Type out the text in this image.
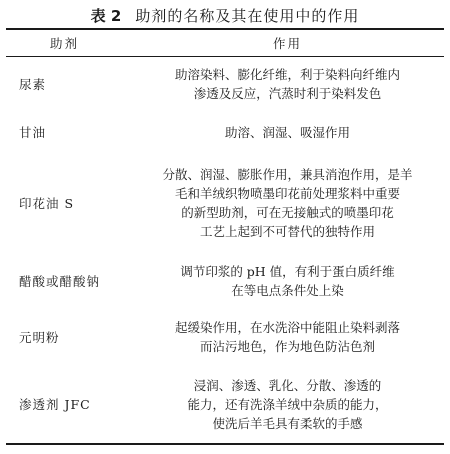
表 2 助剂的名称及其在使用中的作用
助剂	作用
尿素	助溶染料、膨化纤维，利于染料向纤维内
渗透及反应，汽蒸时利于染料发色

甘油	助溶、润湿、吸湿作用

印花油 S	分散、润湿、膨胀作用，兼具消泡作用，是羊
毛和羊绒织物喷墨印花前处理浆料中重要
的新型助剂，可在无接触式的喷墨印花
工艺上起到不可替代的独特作用

醋酸或醋酸钠	调节印浆的 pH 值，有利于蛋白质纤维
在等电点条件处上染

元明粉	起缓染作用，在水洗浴中能阻止染料剥落
而沾污地色，作为地色防沾色剂

渗透剂 JFC	浸润、渗透、乳化、分散、渗透的
能力，还有洗涤羊绒中杂质的能力，
使洗后羊毛具有柔软的手感
